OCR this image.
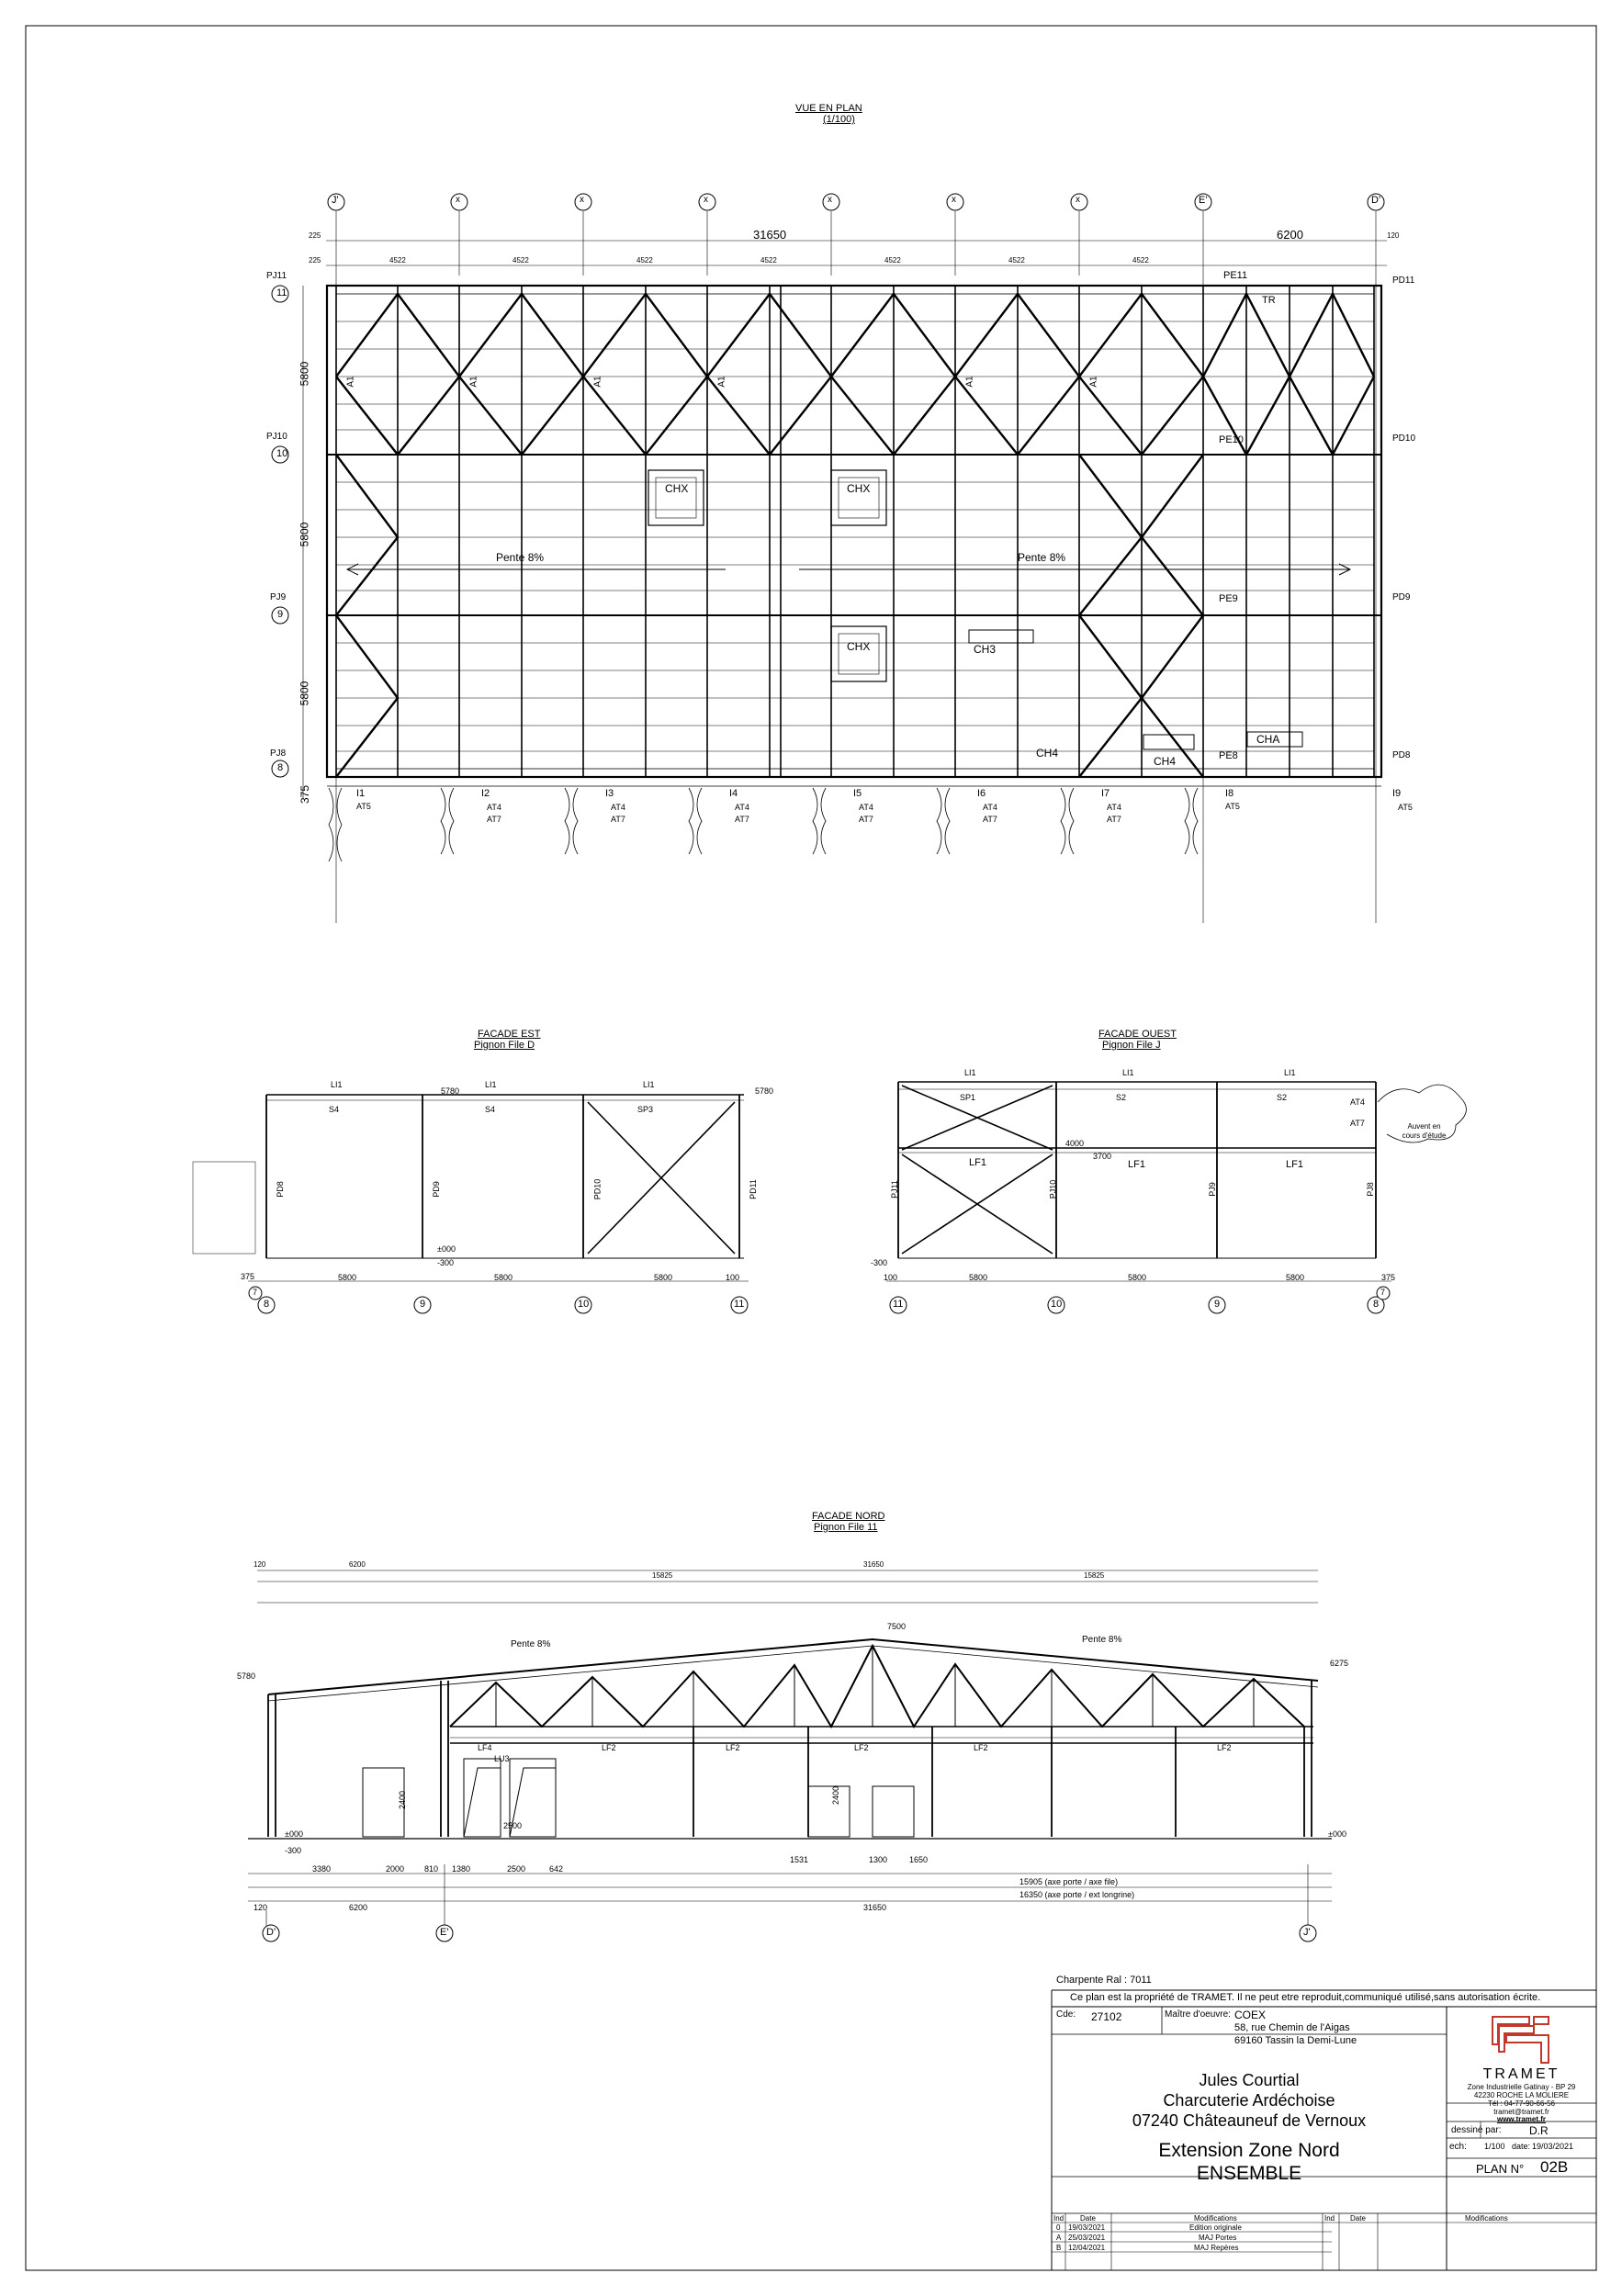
VUE EN PLAN
(1/100)
J'	x	x	x	x	x	x	E'	D'
31650	6200
225	120
225	4522	4522	4522	4522	4522	4522	4522
11
10
9
8
PJ11
PJ10
PJ9
PJ8
PD11
PD10
PD9
PD8
5800
5800
5800
375
Pente 8%	Pente 8%
CHX	CHX
CHX	CH3
CH4
CH4
CHA
TR
PE11
PE10
PE9
PE8
I1
AT5
I2	I3	I4	I5	I6	I7	I8
AT5
I9
AT4
AT7
AT4
AT7
AT4
AT7
AT4
AT7
AT4
AT7
AT4
AT7
AT5
A1	A1	A1	A1	A1	A1
FACADE EST
Pignon File D
LI1	LI1	LI1
S4	S4	SP3
5780	5780
±000
-300
375	5800	5800	5800	100
7
8	9	10	11
PD8	PD9	PD10	PD11
FACADE OUEST
Pignon File J
LI1	LI1	LI1
SP1	S2	S2
LF1	LF1	LF1
4000
3700
-300
100	5800	5800	5800	375
11	10	9	8
7
Auvent en cours d'étude
AT4
AT7
PJ11	PJ10	PJ9	PJ8
FACADE NORD
Pignon File 11
120	6200
15825	15825
31650
5780
6275
7500
±000	±000
-300
Pente 8%	Pente 8%
LF4
LU3
LF2	LF2	LF2	LF2	LF2
3380	2000 810 1380	2500	642
15905 (axe porte / axe file)
16350 (axe porte / ext longrine)
120	6200	31650
D'	E'	J'
2400
2500
2400
1531	1300	1650
Charpente Ral : 7011
Ce plan est la propriété de TRAMET. Il ne peut etre reproduit,communiqué utilisé,sans autorisation écrite.
Cde: 27102	Maître d'oeuvre: COEX
58, rue Chemin de l'Aigas
69160 Tassin la Demi-Lune
Jules Courtial
Charcuterie Ardéchoise
07240 Châteauneuf de Vernoux
Extension Zone Nord
ENSEMBLE
TRAMET
Zone Industrielle Gatinay - BP 29
42230 ROCHE LA MOLIERE
Tél : 04-77-90-66-56
tramet@tramet.fr
www.tramet.fr
dessiné par:	D.R
ech: 1/100 date: 19/03/2021
PLAN N° 02B
Ind Date	Modifications	Ind Date	Modifications
0 19/03/2021	Edition originale
A 25/03/2021	MAJ Portes
B 12/04/2021	MAJ Repères
